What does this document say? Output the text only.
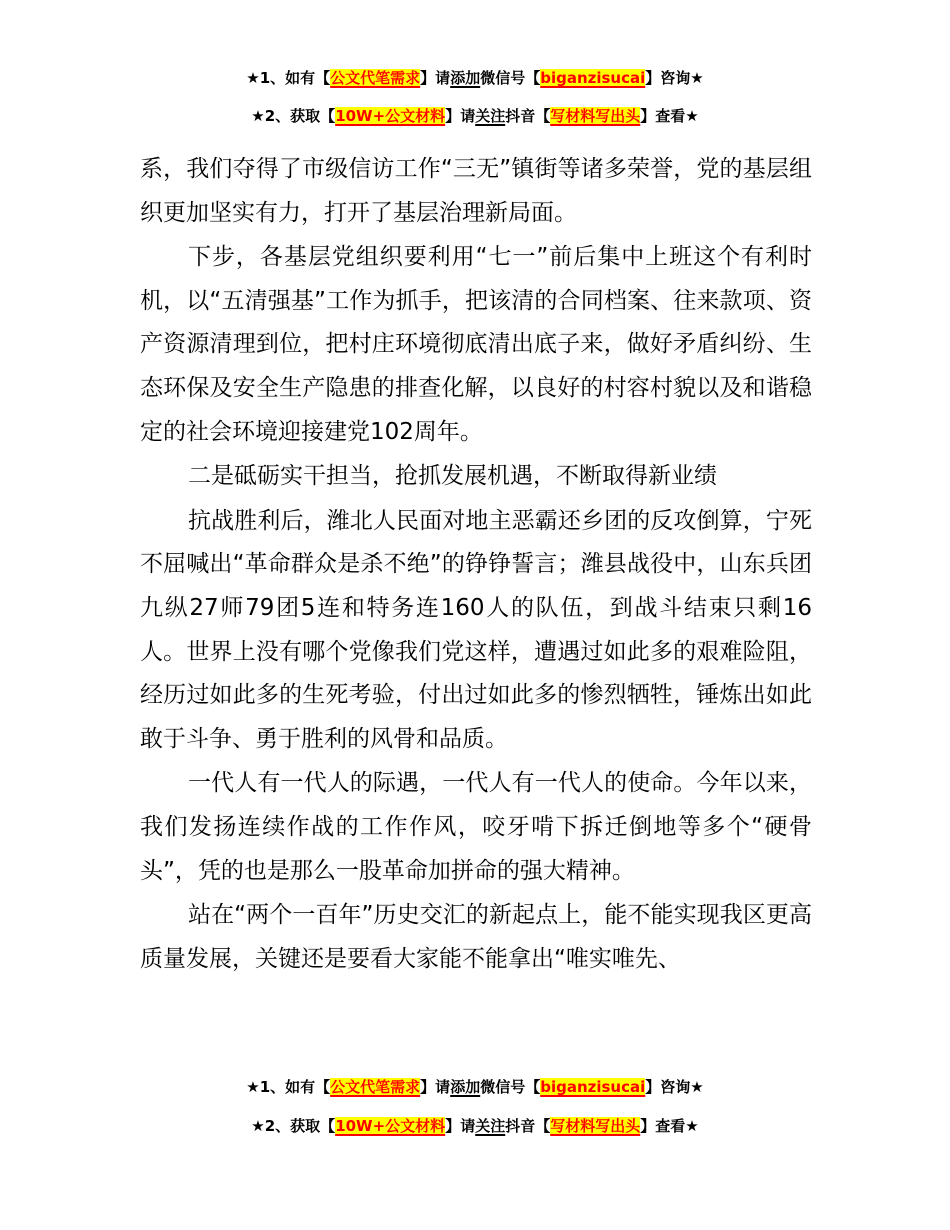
★1、如有【公文代笔需求】请添加微信号【biganzisucai】咨询★
★2、获取【10W+公文材料】请关注抖音【写材料写出头】查看★

系，我们夺得了市级信访工作“三无”镇街等诸多荣誉，党的基层组织更加坚实有力，打开了基层治理新局面。

下步，各基层党组织要利用“七一”前后集中上班这个有利时机，以“五清强基”工作为抓手，把该清的合同档案、往来款项、资产资源清理到位，把村庄环境彻底清出底子来，做好矛盾纠纷、生态环保及安全生产隐患的排查化解，以良好的村容村貌以及和谐稳定的社会环境迎接建党102周年。

二是砥砺实干担当，抢抓发展机遇，不断取得新业绩

抗战胜利后，潍北人民面对地主恶霸还乡团的反攻倒算，宁死不屈喊出“革命群众是杀不绝”的铮铮誓言；潍县战役中，山东兵团九纵27师79团5连和特务连160人的队伍，到战斗结束只剩16人。世界上没有哪个党像我们党这样，遭遇过如此多的艰难险阻，经历过如此多的生死考验，付出过如此多的惨烈牺牲，锤炼出如此敢于斗争、勇于胜利的风骨和品质。

一代人有一代人的际遇，一代人有一代人的使命。今年以来，我们发扬连续作战的工作作风，咬牙啃下拆迁倒地等多个“硬骨头”，凭的也是那么一股革命加拼命的强大精神。

站在“两个一百年”历史交汇的新起点上，能不能实现我区更高质量发展，关键还是要看大家能不能拿出“唯实唯先、

★1、如有【公文代笔需求】请添加微信号【biganzisucai】咨询★
★2、获取【10W+公文材料】请关注抖音【写材料写出头】查看★
